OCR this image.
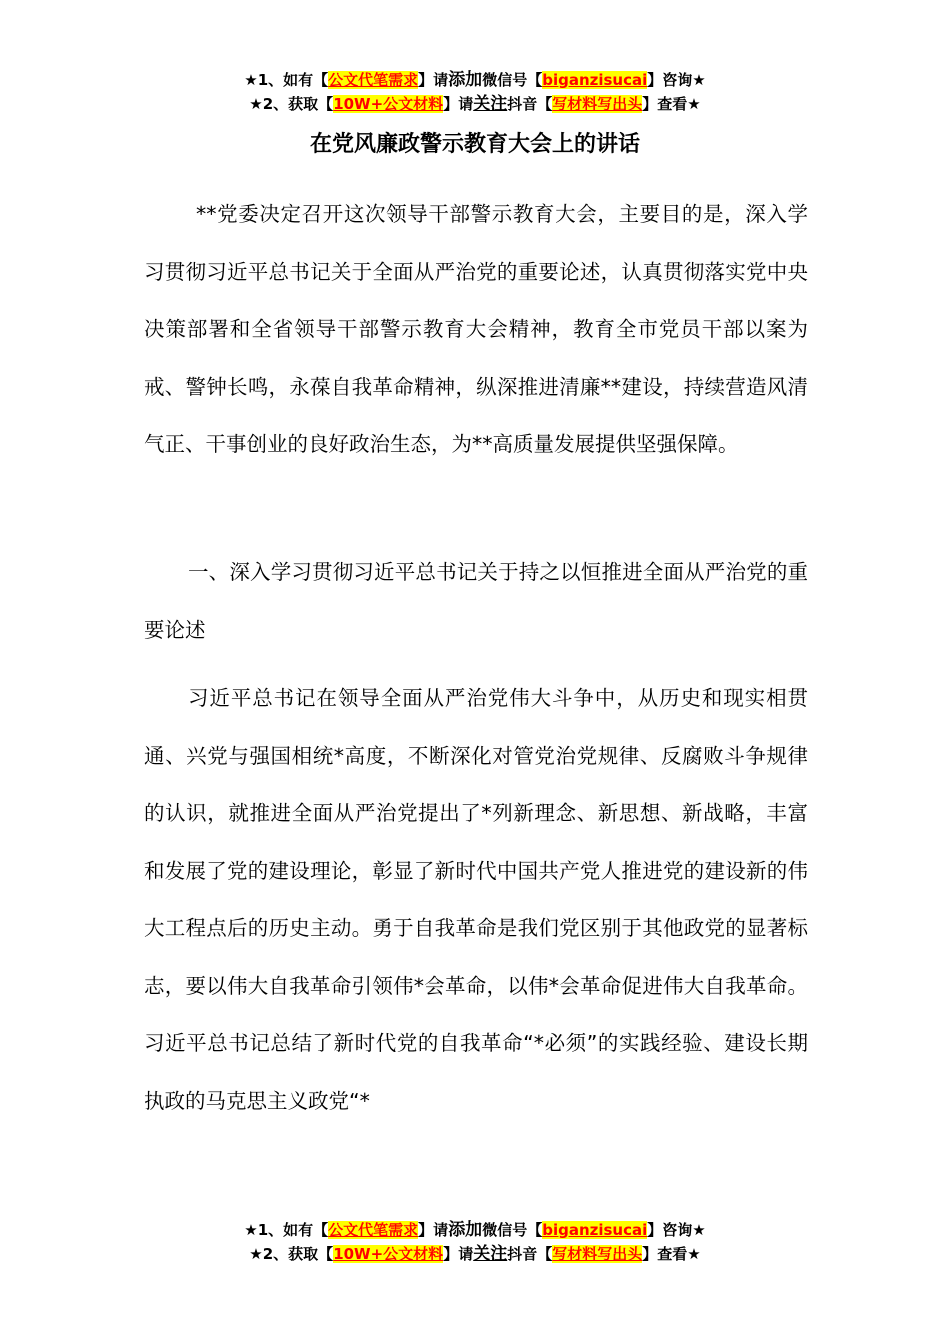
★1、如有【公文代笔需求】请添加微信号【biganzisucai】咨询★
★2、获取【10W+公文材料】请关注抖音【写材料写出头】查看★
在党风廉政警示教育大会上的讲话

**党委决定召开这次领导干部警示教育大会，主要目的是，深入学习贯彻习近平总书记关于全面从严治党的重要论述，认真贯彻落实党中央决策部署和全省领导干部警示教育大会精神，教育全市党员干部以案为戒、警钟长鸣，永葆自我革命精神，纵深推进清廉**建设，持续营造风清气正、干事创业的良好政治生态，为**高质量发展提供坚强保障。

一、深入学习贯彻习近平总书记关于持之以恒推进全面从严治党的重要论述

习近平总书记在领导全面从严治党伟大斗争中，从历史和现实相贯通、兴党与强国相统*高度，不断深化对管党治党规律、反腐败斗争规律的认识，就推进全面从严治党提出了*列新理念、新思想、新战略，丰富和发展了党的建设理论，彰显了新时代中国共产党人推进党的建设新的伟大工程点后的历史主动。勇于自我革命是我们党区别于其他政党的显著标志，要以伟大自我革命引领伟*会革命，以伟*会革命促进伟大自我革命。习近平总书记总结了新时代党的自我革命“*必须”的实践经验、建设长期执政的马克思主义政党“*

★1、如有【公文代笔需求】请添加微信号【biganzisucai】咨询★
★2、获取【10W+公文材料】请关注抖音【写材料写出头】查看★
